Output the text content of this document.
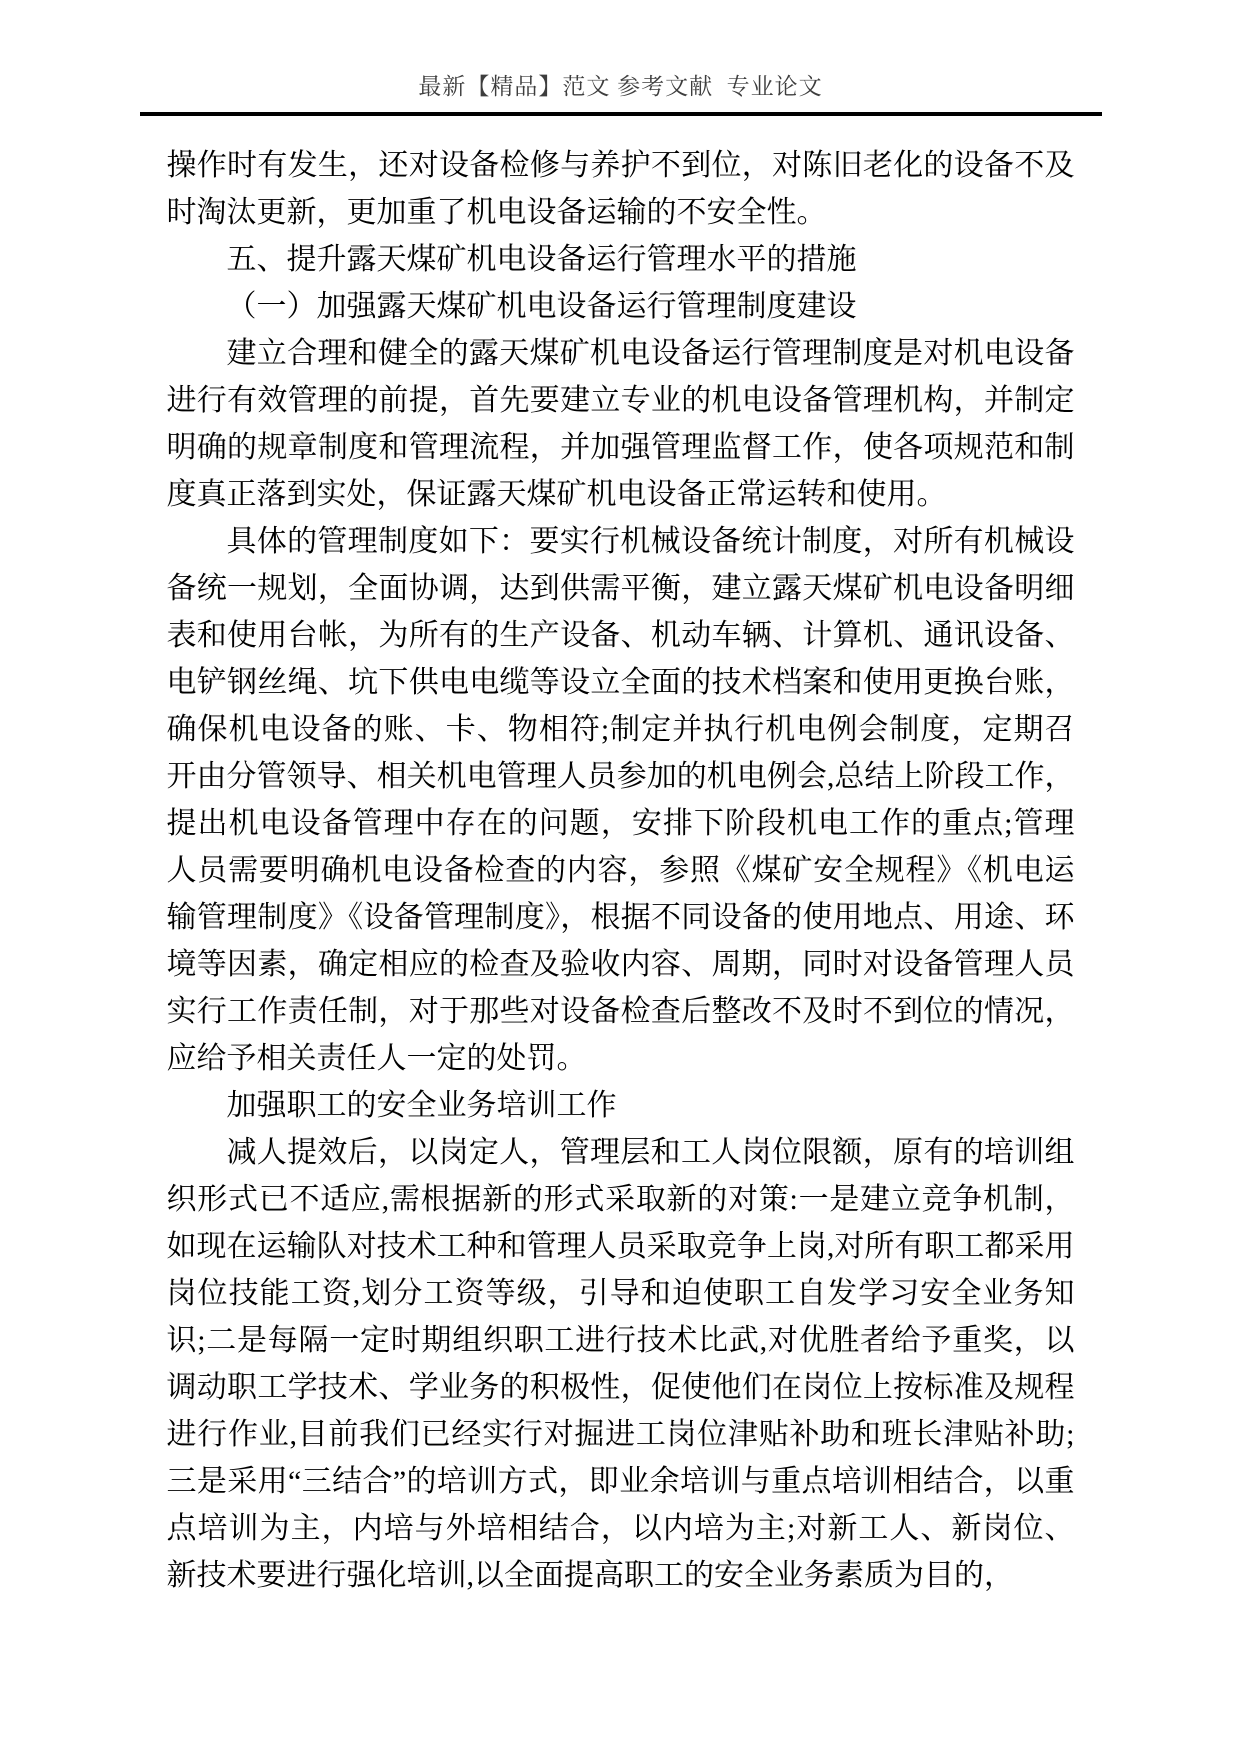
最新【精品】范文 参考文献  专业论文

操作时有发生，还对设备检修与养护不到位，对陈旧老化的设备不及时淘汰更新，更加重了机电设备运输的不安全性。

五、提升露天煤矿机电设备运行管理水平的措施

（一）加强露天煤矿机电设备运行管理制度建设

建立合理和健全的露天煤矿机电设备运行管理制度是对机电设备进行有效管理的前提，首先要建立专业的机电设备管理机构，并制定明确的规章制度和管理流程，并加强管理监督工作，使各项规范和制度真正落到实处，保证露天煤矿机电设备正常运转和使用。

具体的管理制度如下：要实行机械设备统计制度，对所有机械设备统一规划，全面协调，达到供需平衡，建立露天煤矿机电设备明细表和使用台帐，为所有的生产设备、机动车辆、计算机、通讯设备、电铲钢丝绳、坑下供电电缆等设立全面的技术档案和使用更换台账，确保机电设备的账、卡、物相符;制定并执行机电例会制度，定期召开由分管领导、相关机电管理人员参加的机电例会,总结上阶段工作，提出机电设备管理中存在的问题，安排下阶段机电工作的重点;管理人员需要明确机电设备检查的内容，参照《煤矿安全规程》《机电运输管理制度》《设备管理制度》，根据不同设备的使用地点、用途、环境等因素，确定相应的检查及验收内容、周期，同时对设备管理人员实行工作责任制，对于那些对设备检查后整改不及时不到位的情况，应给予相关责任人一定的处罚。

加强职工的安全业务培训工作

减人提效后，以岗定人，管理层和工人岗位限额，原有的培训组织形式已不适应,需根据新的形式采取新的对策:一是建立竞争机制，如现在运输队对技术工种和管理人员采取竞争上岗,对所有职工都采用岗位技能工资,划分工资等级，引导和迫使职工自发学习安全业务知识;二是每隔一定时期组织职工进行技术比武,对优胜者给予重奖，以调动职工学技术、学业务的积极性，促使他们在岗位上按标准及规程进行作业,目前我们已经实行对掘进工岗位津贴补助和班长津贴补助;三是采用“三结合”的培训方式，即业余培训与重点培训相结合，以重点培训为主，内培与外培相结合，以内培为主;对新工人、新岗位、新技术要进行强化培训,以全面提高职工的安全业务素质为目的，
